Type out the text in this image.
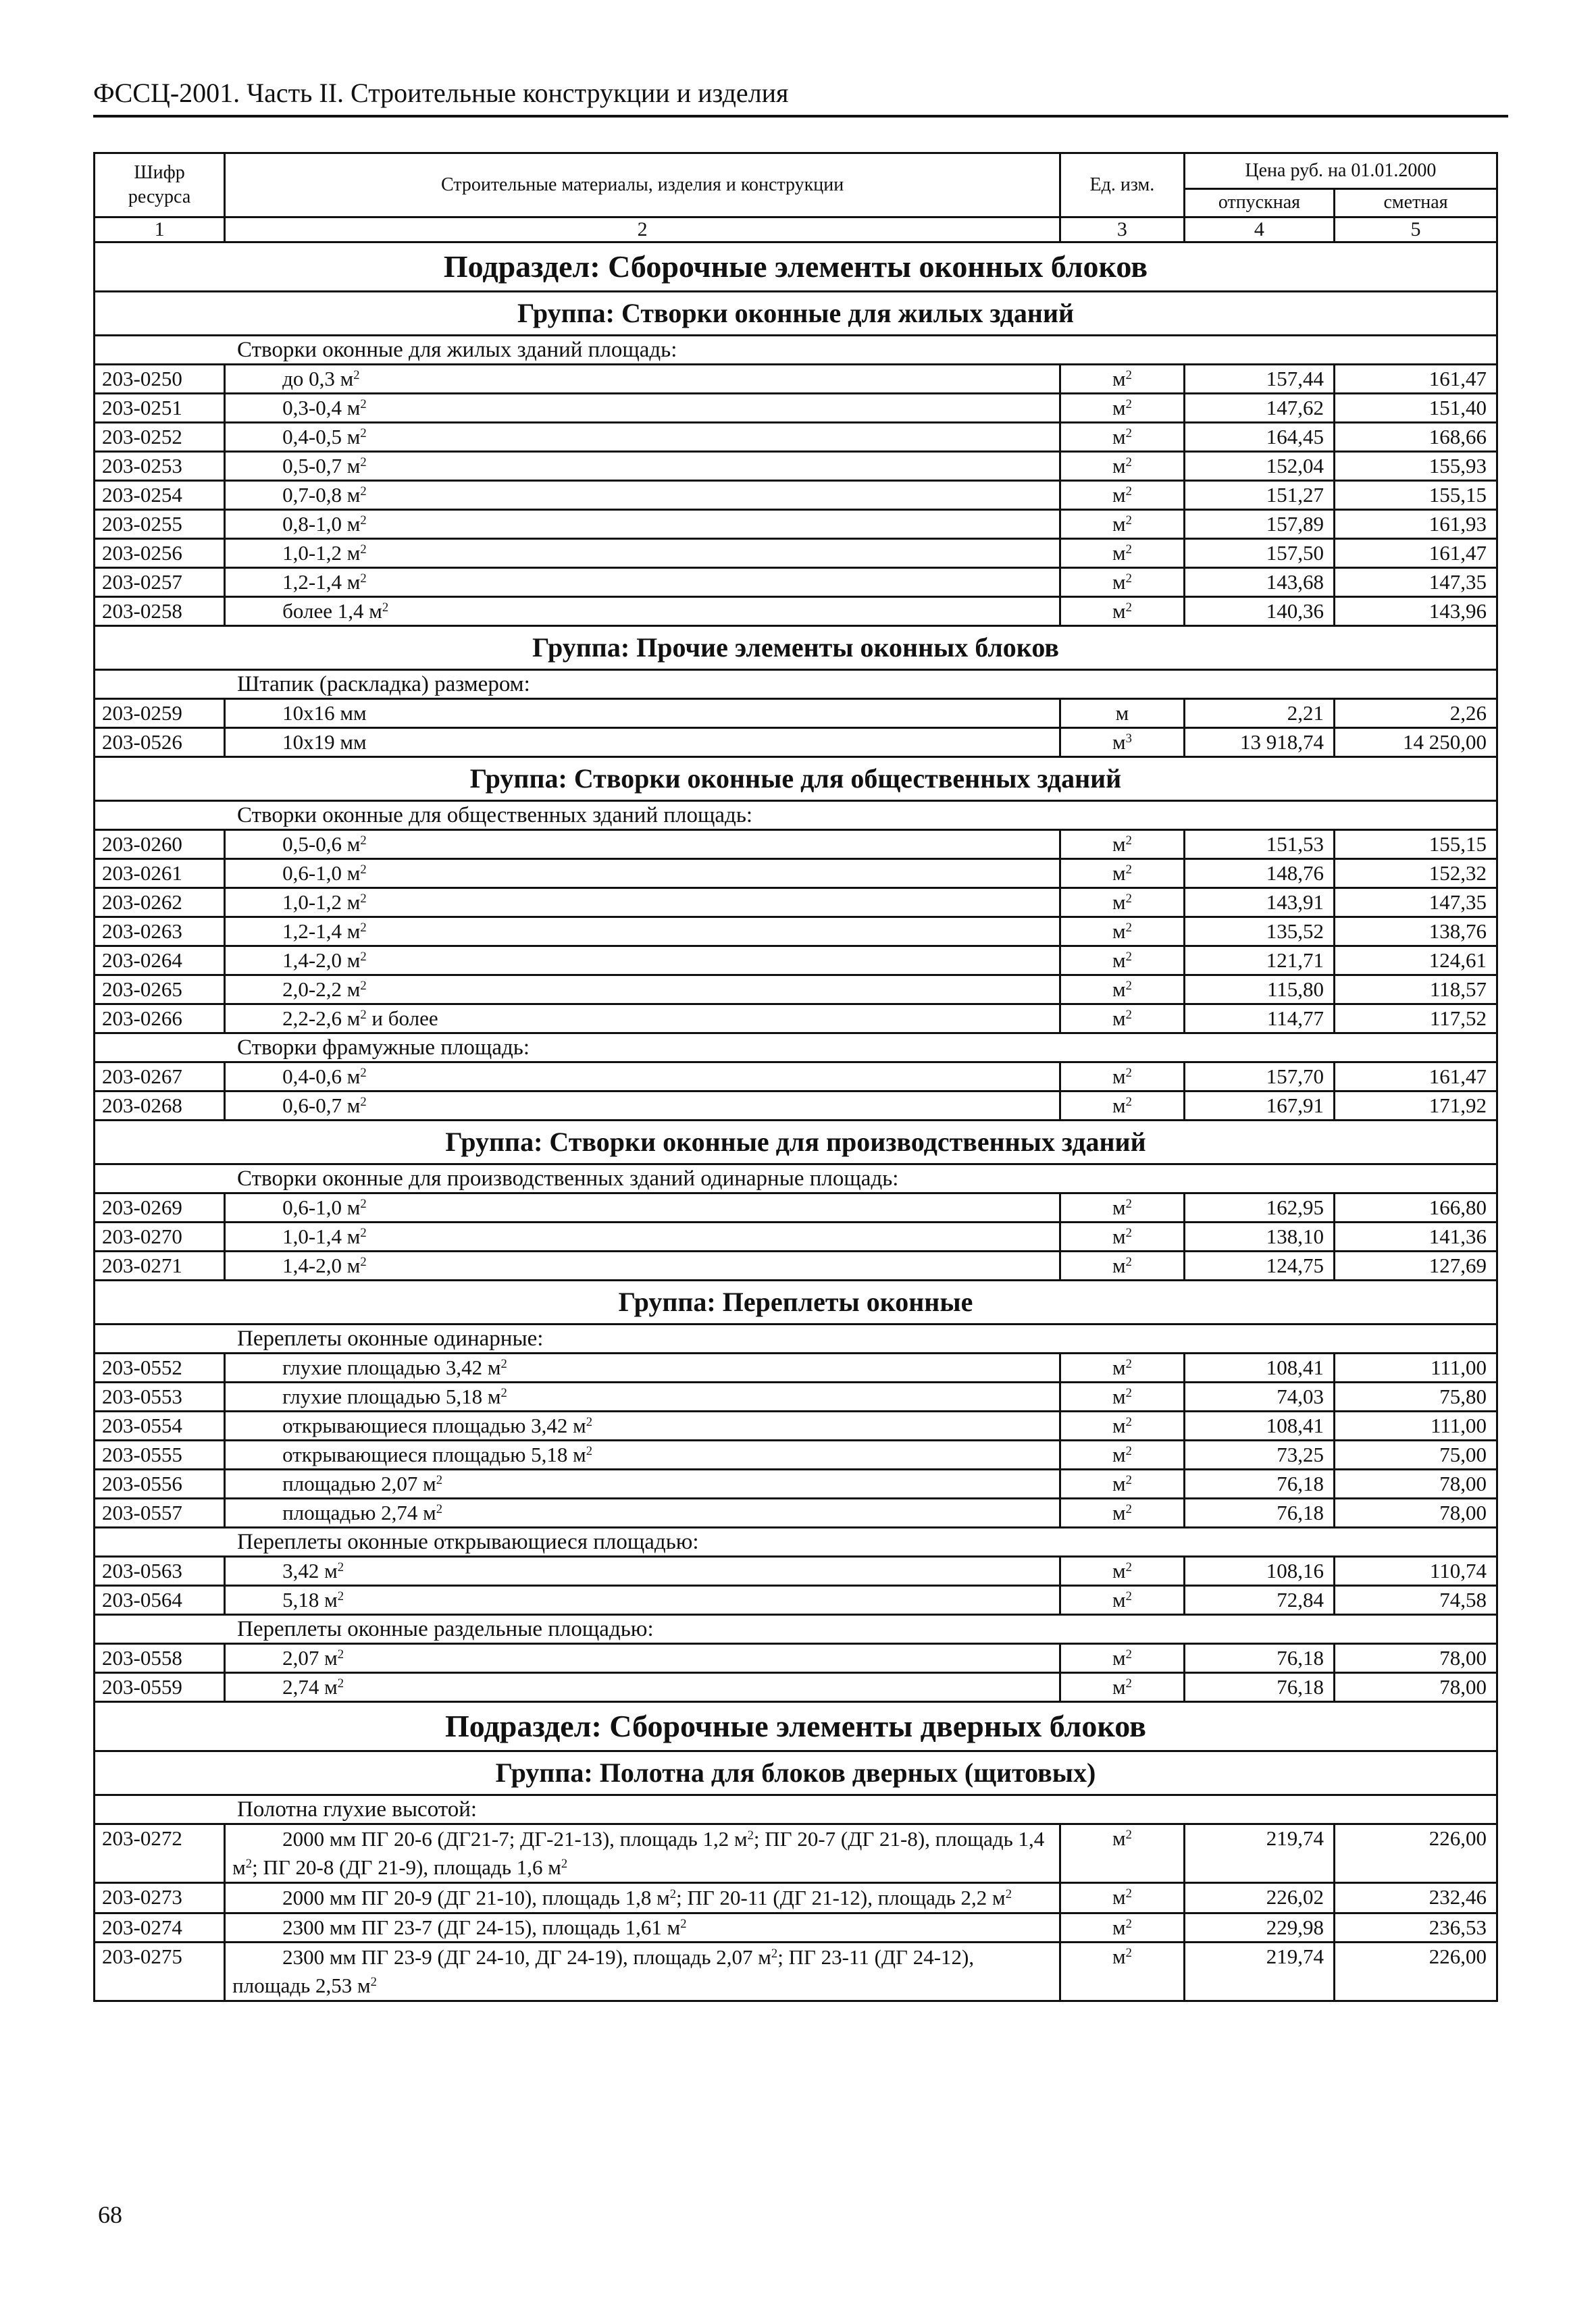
ФССЦ-2001. Часть II. Строительные конструкции и изделия
Шифр ресурса	Строительные материалы, изделия и конструкции	Ед. изм.	Цена руб. на 01.01.2000	
			отпускная	сметная
1	2	3	4	5
Подраздел: Сборочные элементы оконных блоков				
Группа: Створки оконные для жилых зданий				
Створки оконные для жилых зданий площадь:				
203-0250	до 0,3 $м^2$	$м^2$	157,44	161,47
203-0251	0,3-0,4 $м^2$	$м^2$	147,62	151,40
203-0252	0,4-0,5 $м^2$	$м^2$	164,45	168,66
203-0253	0,5-0,7 $м^2$	$м^2$	152,04	155,93
203-0254	0,7-0,8 $м^2$	$м^2$	151,27	155,15
203-0255	0,8-1,0 $м^2$	$м^2$	157,89	161,93
203-0256	1,0-1,2 $м^2$	$м^2$	157,50	161,47
203-0257	1,2-1,4 $м^2$	$м^2$	143,68	147,35
203-0258	более 1,4 $м^2$	$м^2$	140,36	143,96
Группа: Прочие элементы оконных блоков				
Штапик (раскладка) размером:				
203-0259	10x16 мм	м	2,21	2,26
203-0526	10x19 мм	$м^3$	13 918,74	14 250,00
Группа: Створки оконные для общественных зданий				
Створки оконные для общественных зданий площадь:				
203-0260	0,5-0,6 $м^2$	$м^2$	151,53	155,15
203-0261	0,6-1,0 $м^2$	$м^2$	148,76	152,32
203-0262	1,0-1,2 $м^2$	$м^2$	143,91	147,35
203-0263	1,2-1,4 $м^2$	$м^2$	135,52	138,76
203-0264	1,4-2,0 $м^2$	$м^2$	121,71	124,61
203-0265	2,0-2,2 $м^2$	$м^2$	115,80	118,57
203-0266	2,2-2,6 $м^2$ и более	$м^2$	114,77	117,52
Створки фрамужные площадь:				
203-0267	0,4-0,6 $м^2$	$м^2$	157,70	161,47
203-0268	0,6-0,7 $м^2$	$м^2$	167,91	171,92
Группа: Створки оконные для производственных зданий				
Створки оконные для производственных зданий одинарные площадь:				
203-0269	0,6-1,0 $м^2$	$м^2$	162,95	166,80
203-0270	1,0-1,4 $м^2$	$м^2$	138,10	141,36
203-0271	1,4-2,0 $м^2$	$м^2$	124,75	127,69
Группа: Переплеты оконные				
Переплеты оконные одинарные:				
203-0552	глухие площадью 3,42 $м^2$	$м^2$	108,41	111,00
203-0553	глухие площадью 5,18 $м^2$	$м^2$	74,03	75,80
203-0554	открывающиеся площадью 3,42 $м^2$	$м^2$	108,41	111,00
203-0555	открывающиеся площадью 5,18 $м^2$	$м^2$	73,25	75,00
203-0556	площадью 2,07 $м^2$	$м^2$	76,18	78,00
203-0557	площадью 2,74 $м^2$	$м^2$	76,18	78,00
Переплеты оконные открывающиеся площадью:				
203-0563	3,42 $м^2$	$м^2$	108,16	110,74
203-0564	5,18 $м^2$	$м^2$	72,84	74,58
Переплеты оконные раздельные площадью:				
203-0558	2,07 $м^2$	$м^2$	76,18	78,00
203-0559	2,74 $м^2$	$м^2$	76,18	78,00
Подраздел: Сборочные элементы дверных блоков				
Группа: Полотна для блоков дверных (щитовых)				
Полотна глухие высотой:				
203-0272	2000 мм ПГ 20-6 (ДГ21-7; ДГ-21-13), площадь 1,2 $м^2$; ПГ 20-7 (ДГ 21-8), площадь 1,4 $м^2$; ПГ 20-8 (ДГ 21-9), площадь 1,6 $м^2$	$м^2$	219,74	226,00
203-0273	2000 мм ПГ 20-9 (ДГ 21-10), площадь 1,8 $м^2$; ПГ 20-11 (ДГ 21-12), площадь 2,2 $м^2$	$м^2$	226,02	232,46
203-0274	2300 мм ПГ 23-7 (ДГ 24-15), площадь 1,61 $м^2$	$м^2$	229,98	236,53
203-0275	2300 мм ПГ 23-9 (ДГ 24-10, ДГ 24-19), площадь 2,07 $м^2$; ПГ 23-11 (ДГ 24-12), площадь 2,53 $м^2$	$м^2$	219,74	226,00
68
